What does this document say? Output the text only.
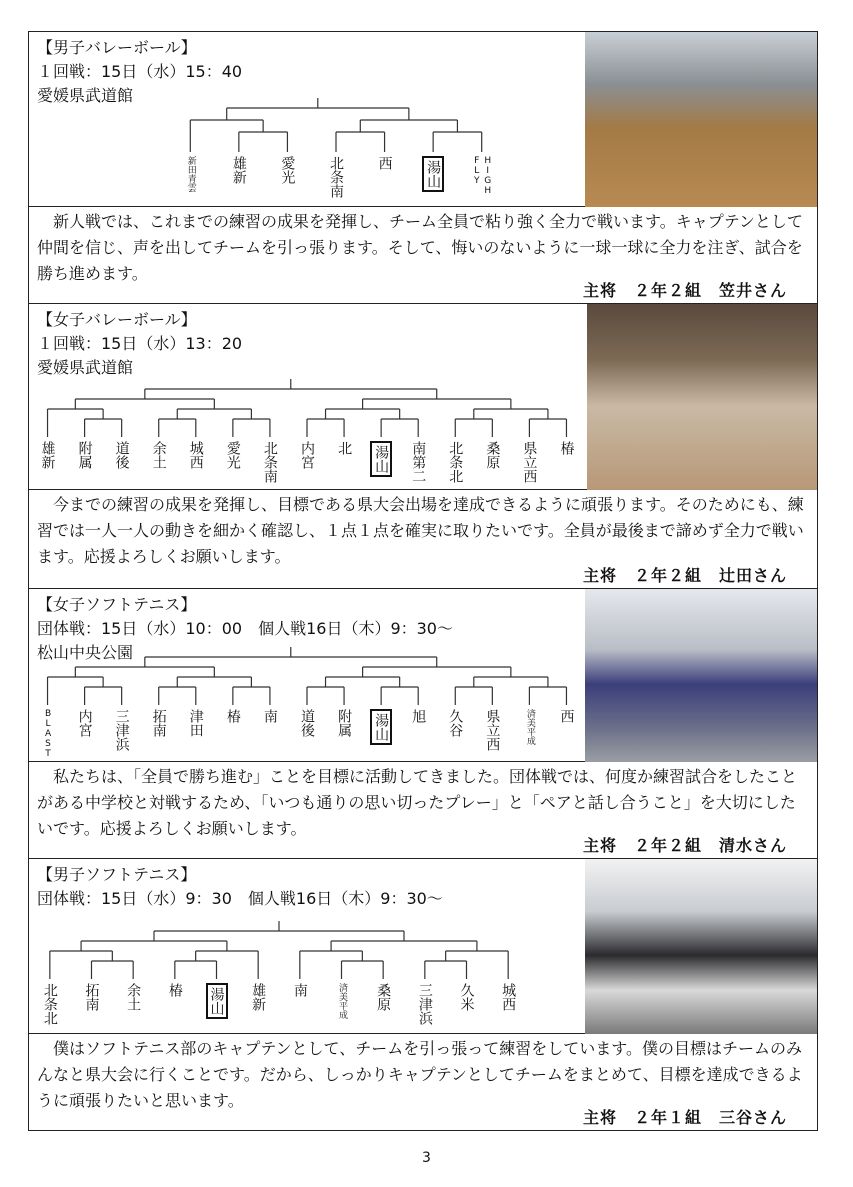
【男子バレーボール】
１回戦：15日（水）15：40
愛媛県武道館
新田青雲	雄新 愛光 北条南 西 湯山	HIGH FLY
新人戦では、これまでの練習の成果を発揮し、チーム全員で粘り強く全力で戦います。キャプテンとして仲間を信じ、声を出してチームを引っ張ります。そして、悔いのないように一球一球に全力を注ぎ、試合を勝ち進めます。
主将　２年２組　笠井さん
【女子バレーボール】
１回戦：15日（水）13：20
愛媛県武道館
雄新 附属 道後 余土 城西 愛光 北条南 内宮 北 湯山 南第二 北条北 桑原 県立西 椿
今までの練習の成果を発揮し、目標である県大会出場を達成できるように頑張ります。そのためにも、練習では一人一人の動きを細かく確認し、１点１点を確実に取りたいです。全員が最後まで諦めず全力で戦います。応援よろしくお願いします。
主将　２年２組　辻田さん
【女子ソフトテニス】
団体戦：15日（水）10：00　個人戦16日（木）9：30～
松山中央公園
BLAST 内宮 三津浜 拓南 津田 椿 南 道後 附属 湯山 旭 久谷 県立西	済美平成 西
私たちは、「全員で勝ち進む」ことを目標に活動してきました。団体戦では、何度か練習試合をしたことがある中学校と対戦するため、「いつも通りの思い切ったプレー」と「ペアと話し合うこと」を大切にしたいです。応援よろしくお願いします。
主将　２年２組　清水さん
【男子ソフトテニス】
団体戦：15日（水）9：30　個人戦16日（木）9：30～
北条北 拓南 余土 椿 湯山 雄新 南	済美平成 桑原 三津浜 久米 城西
僕はソフトテニス部のキャプテンとして、チームを引っ張って練習をしています。僕の目標はチームのみんなと県大会に行くことです。だから、しっかりキャプテンとしてチームをまとめて、目標を達成できるように頑張りたいと思います。
主将　２年１組　三谷さん
3
